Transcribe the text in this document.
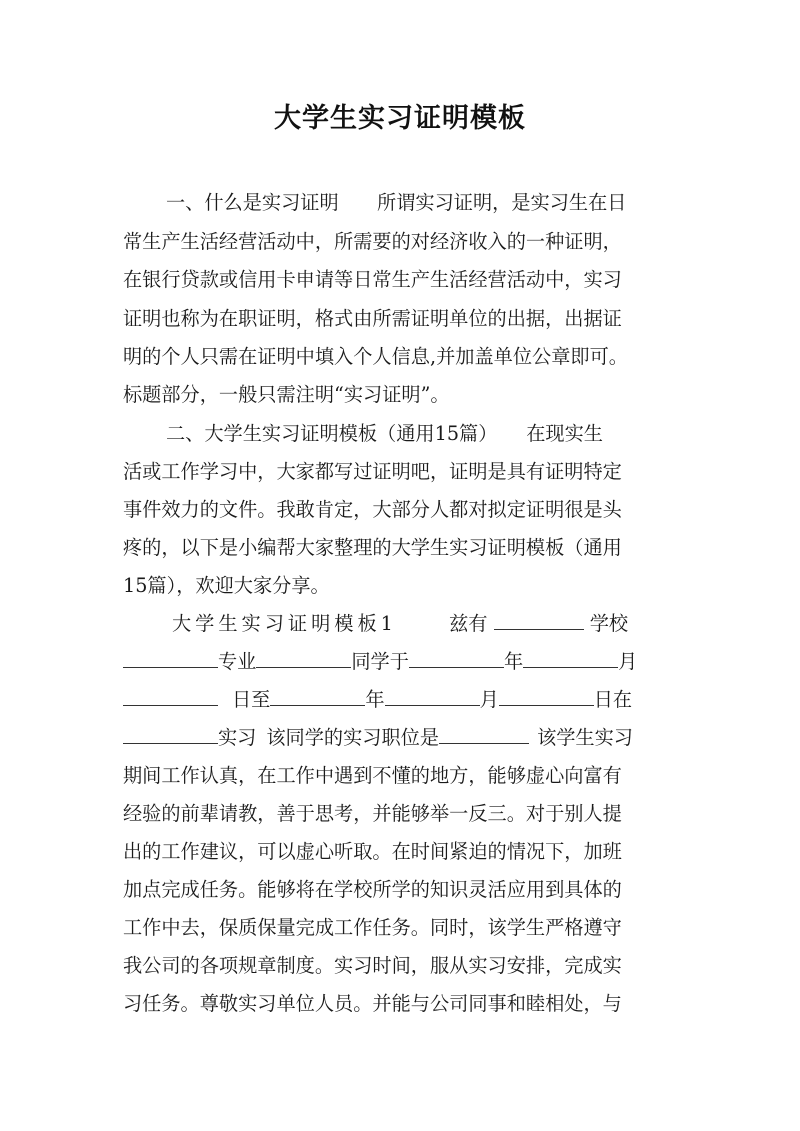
大学生实习证明模板
一、什么是实习证明　　所谓实习证明，是实习生在日
常生产生活经营活动中，所需要的对经济收入的一种证明，
在银行贷款或信用卡申请等日常生产生活经营活动中，实习
证明也称为在职证明，格式由所需证明单位的出据，出据证
明的个人只需在证明中填入个人信息,并加盖单位公章即可。
标题部分，一般只需注明“实习证明”。
二、大学生实习证明模板（通用15篇）　　在现实生
活或工作学习中，大家都写过证明吧，证明是具有证明特定
事件效力的文件。我敢肯定，大部分人都对拟定证明很是头
疼的，以下是小编帮大家整理的大学生实习证明模板（通用
15篇），欢迎大家分享。
大学生实习证明模板1	兹有	学校
专业	同学于	年	月
日至	年	月	日在
实习 该同学的实习职位是	该学生实习
期间工作认真，在工作中遇到不懂的地方，能够虚心向富有
经验的前辈请教，善于思考，并能够举一反三。对于别人提
出的工作建议，可以虚心听取。在时间紧迫的情况下，加班
加点完成任务。能够将在学校所学的知识灵活应用到具体的
工作中去，保质保量完成工作任务。同时，该学生严格遵守
我公司的各项规章制度。实习时间，服从实习安排，完成实
习任务。尊敬实习单位人员。并能与公司同事和睦相处，与
